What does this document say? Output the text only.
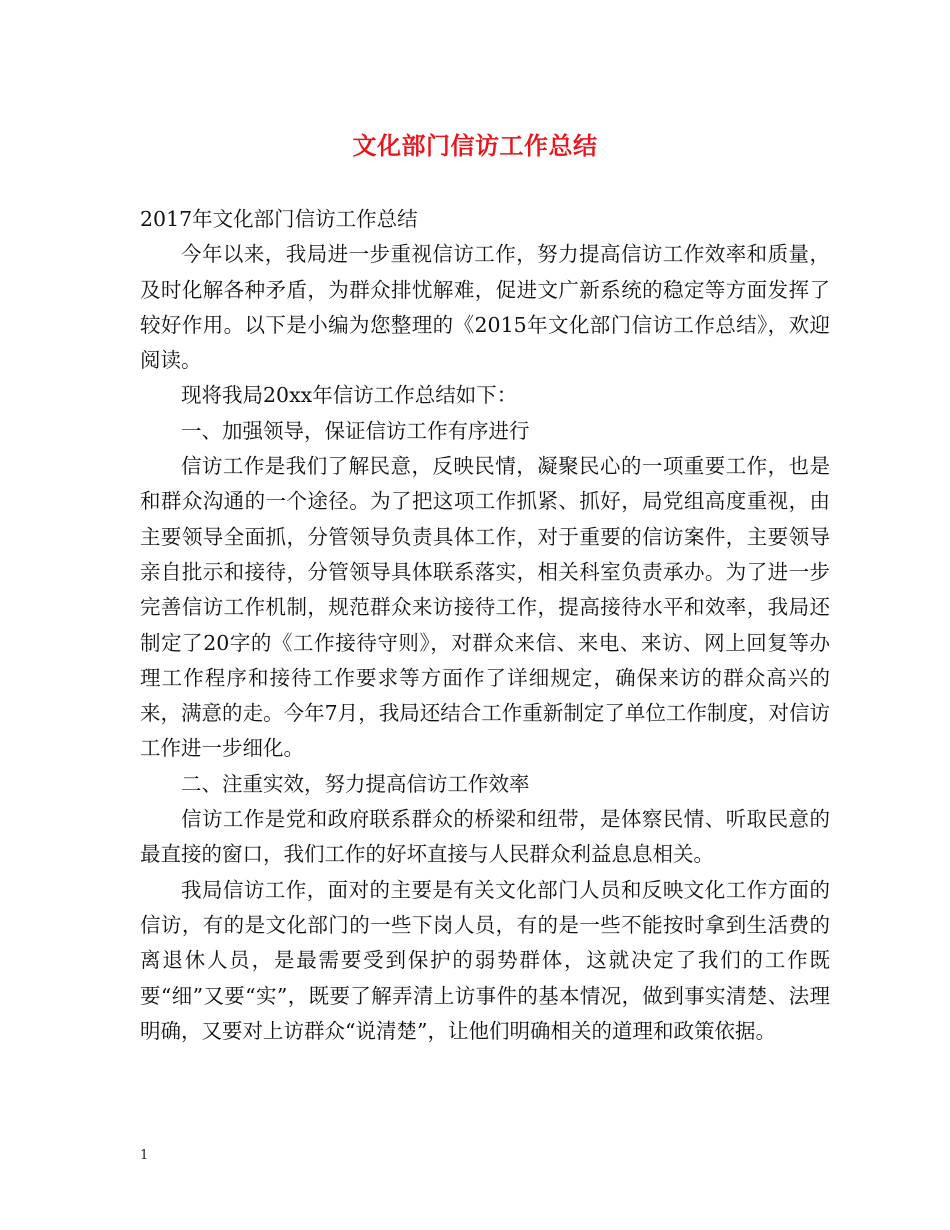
文化部门信访工作总结

2017年文化部门信访工作总结

今年以来，我局进一步重视信访工作，努力提高信访工作效率和质量，及时化解各种矛盾，为群众排忧解难，促进文广新系统的稳定等方面发挥了较好作用。以下是小编为您整理的《2015年文化部门信访工作总结》，欢迎阅读。

现将我局20xx年信访工作总结如下：

一、加强领导，保证信访工作有序进行

信访工作是我们了解民意，反映民情，凝聚民心的一项重要工作，也是和群众沟通的一个途径。为了把这项工作抓紧、抓好，局党组高度重视，由主要领导全面抓，分管领导负责具体工作，对于重要的信访案件，主要领导亲自批示和接待，分管领导具体联系落实，相关科室负责承办。为了进一步完善信访工作机制，规范群众来访接待工作，提高接待水平和效率，我局还制定了20字的《工作接待守则》，对群众来信、来电、来访、网上回复等办理工作程序和接待工作要求等方面作了详细规定，确保来访的群众高兴的来，满意的走。今年7月，我局还结合工作重新制定了单位工作制度，对信访工作进一步细化。

二、注重实效，努力提高信访工作效率

信访工作是党和政府联系群众的桥梁和纽带，是体察民情、听取民意的最直接的窗口，我们工作的好坏直接与人民群众利益息息相关。

我局信访工作，面对的主要是有关文化部门人员和反映文化工作方面的信访，有的是文化部门的一些下岗人员，有的是一些不能按时拿到生活费的离退休人员，是最需要受到保护的弱势群体，这就决定了我们的工作既要“细”又要“实”，既要了解弄清上访事件的基本情况，做到事实清楚、法理明确，又要对上访群众“说清楚”，让他们明确相关的道理和政策依据。

1
